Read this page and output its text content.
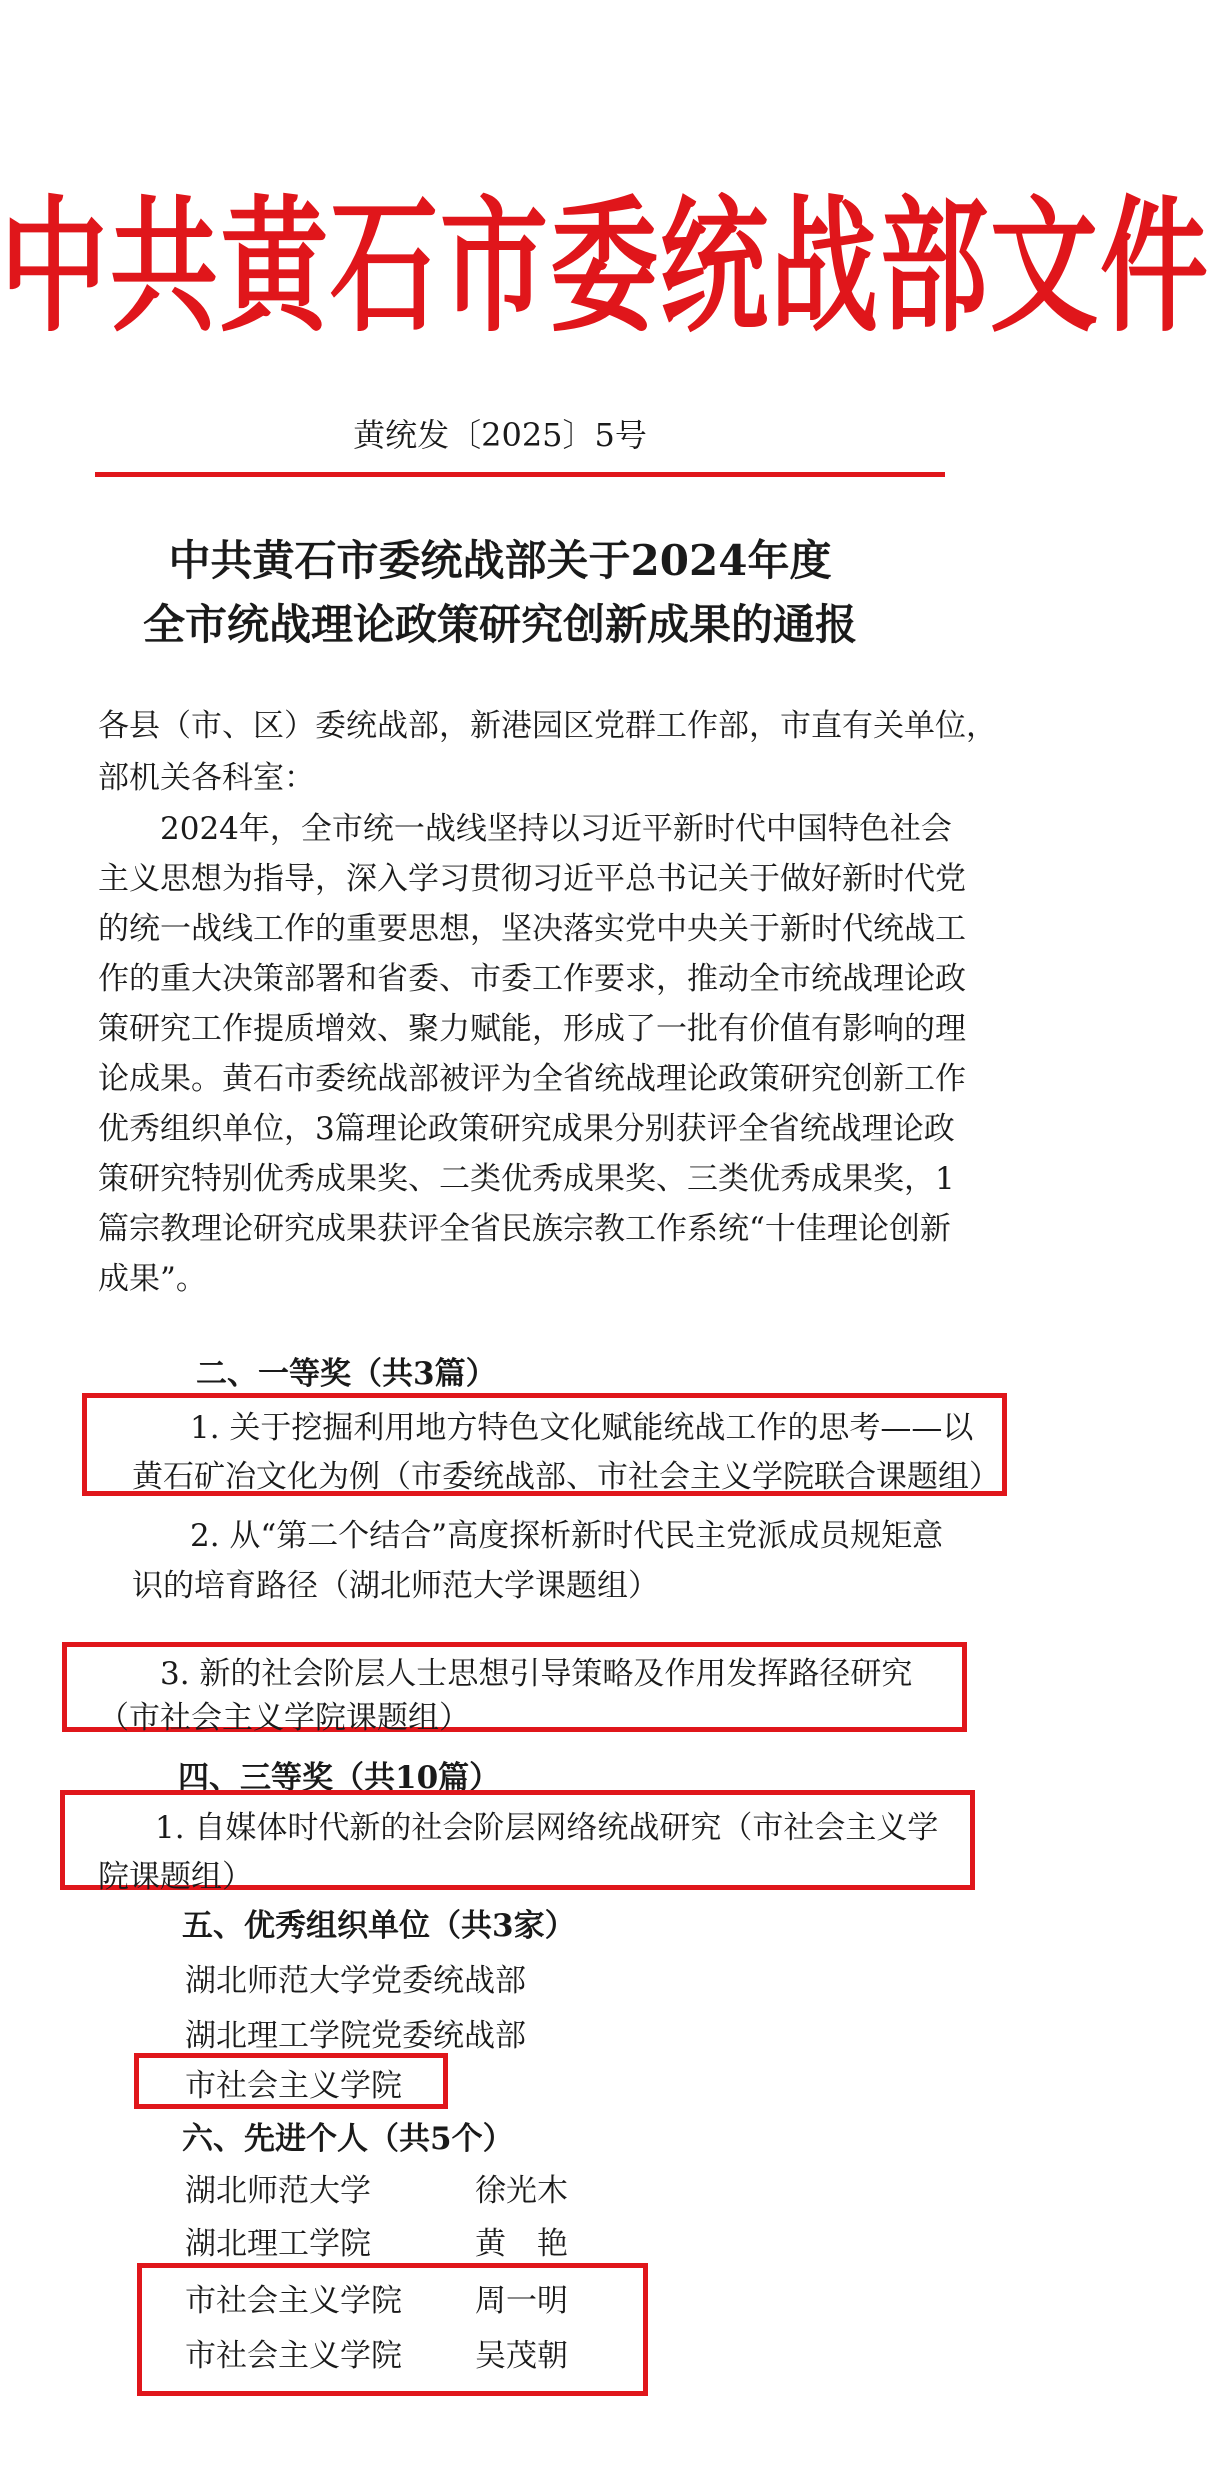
中共黄石市委统战部文件
黄统发〔2025〕5号
中共黄石市委统战部关于2024年度
全市统战理论政策研究创新成果的通报
各县（市、区）委统战部，新港园区党群工作部，市直有关单位，
部机关各科室：
2024年，全市统一战线坚持以习近平新时代中国特色社会
主义思想为指导，深入学习贯彻习近平总书记关于做好新时代党
的统一战线工作的重要思想，坚决落实党中央关于新时代统战工
作的重大决策部署和省委、市委工作要求，推动全市统战理论政
策研究工作提质增效、聚力赋能，形成了一批有价值有影响的理
论成果。黄石市委统战部被评为全省统战理论政策研究创新工作
优秀组织单位，3篇理论政策研究成果分别获评全省统战理论政
策研究特别优秀成果奖、二类优秀成果奖、三类优秀成果奖，1
篇宗教理论研究成果获评全省民族宗教工作系统“十佳理论创新
成果”。
二、一等奖（共3篇）
1. 关于挖掘利用地方特色文化赋能统战工作的思考——以
黄石矿冶文化为例（市委统战部、市社会主义学院联合课题组）
2. 从“第二个结合”高度探析新时代民主党派成员规矩意
识的培育路径（湖北师范大学课题组）
3. 新的社会阶层人士思想引导策略及作用发挥路径研究
（市社会主义学院课题组）
四、三等奖（共10篇）
1. 自媒体时代新的社会阶层网络统战研究（市社会主义学
院课题组）
五、优秀组织单位（共3家）
湖北师范大学党委统战部
湖北理工学院党委统战部
市社会主义学院
六、先进个人（共5个）
湖北师范大学	徐光木
湖北理工学院	黄　艳
市社会主义学院 周一明
市社会主义学院 吴茂朝
